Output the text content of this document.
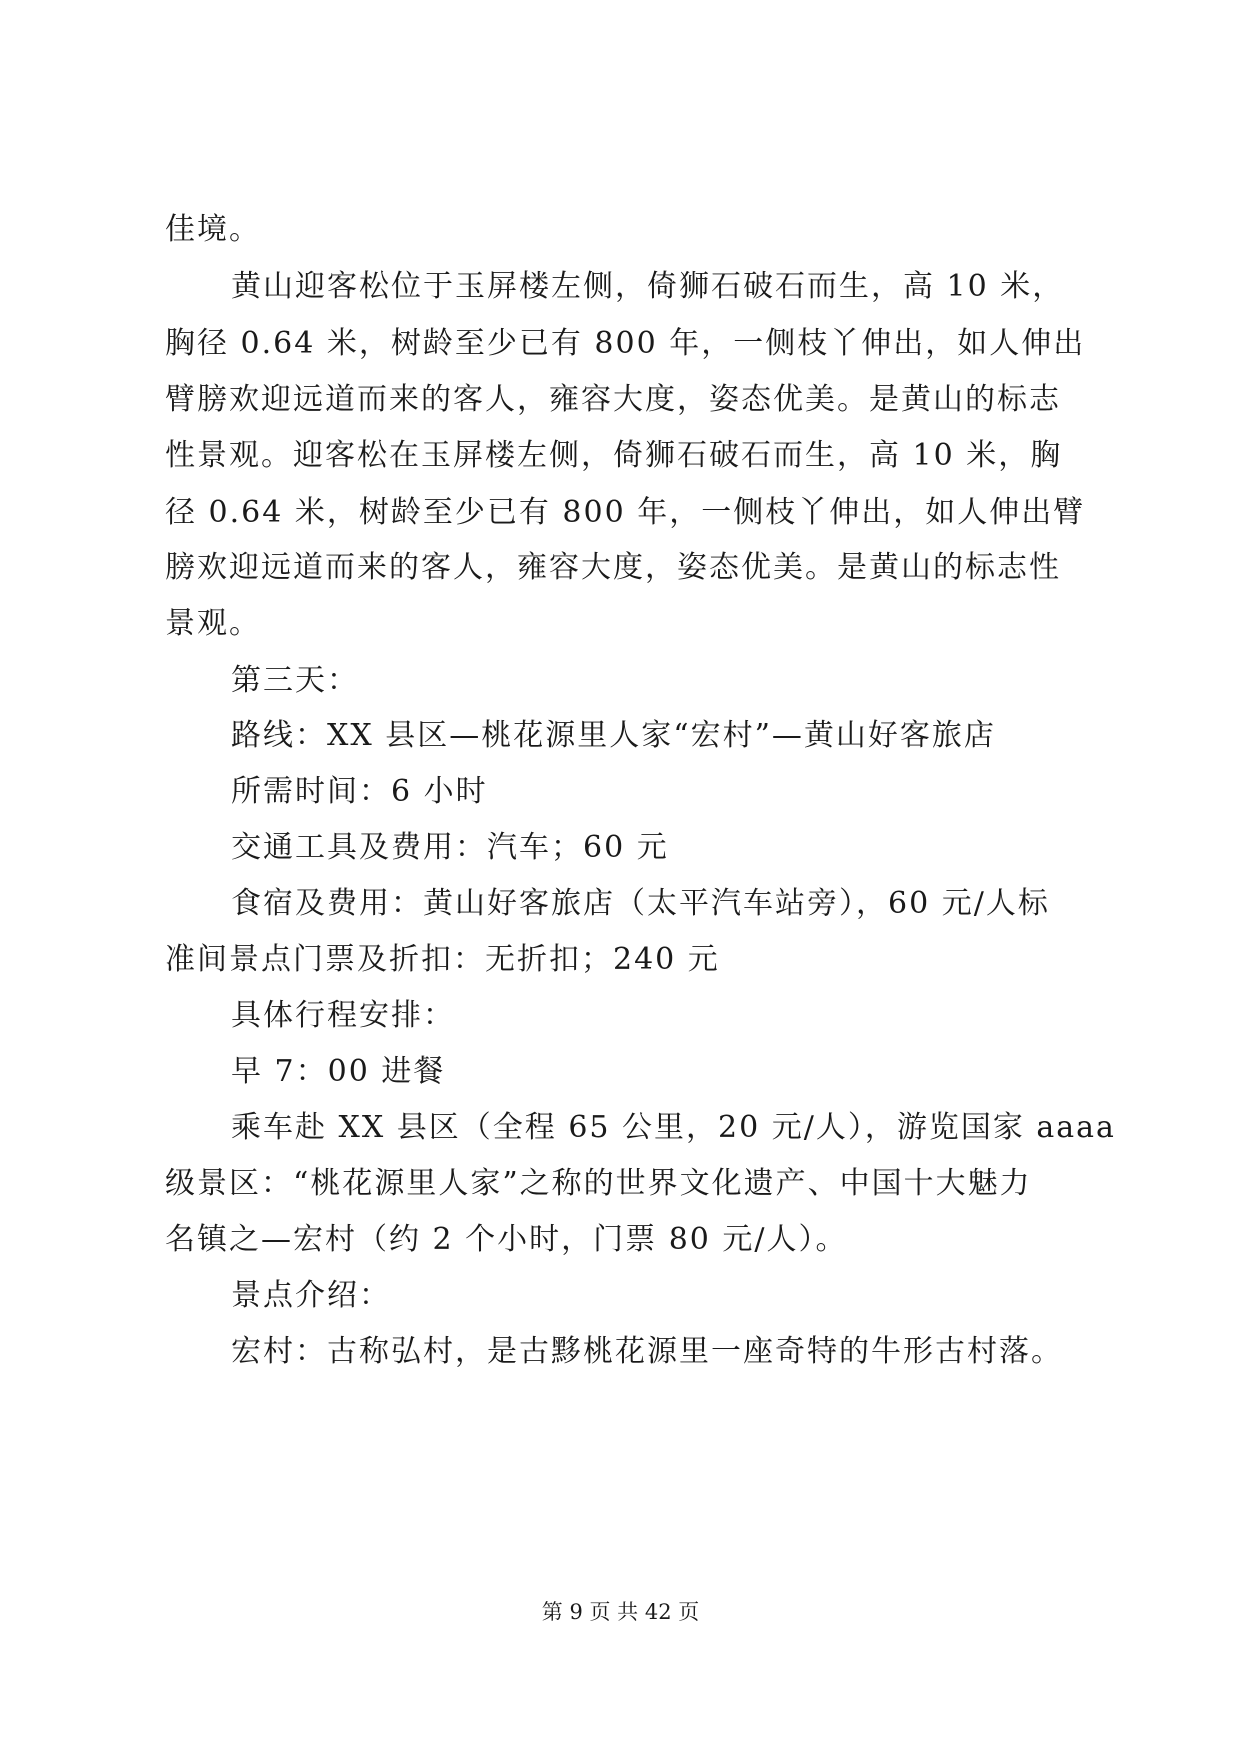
佳境。
黄山迎客松位于玉屏楼左侧，倚狮石破石而生，高 10 米，
胸径 0.64 米，树龄至少已有 800 年，一侧枝丫伸出，如人伸出
臂膀欢迎远道而来的客人，雍容大度，姿态优美。是黄山的标志
性景观。迎客松在玉屏楼左侧，倚狮石破石而生，高 10 米，胸
径 0.64 米，树龄至少已有 800 年，一侧枝丫伸出，如人伸出臂
膀欢迎远道而来的客人，雍容大度，姿态优美。是黄山的标志性
景观。
第三天：
路线：XX 县区—桃花源里人家“宏村”—黄山好客旅店
所需时间：6 小时
交通工具及费用：汽车；60 元
食宿及费用：黄山好客旅店（太平汽车站旁），60 元/人标
准间景点门票及折扣：无折扣；240 元
具体行程安排：
早 7：00 进餐
乘车赴 XX 县区（全程 65 公里，20 元/人），游览国家 aaaa
级景区：“桃花源里人家”之称的世界文化遗产、中国十大魅力
名镇之—宏村（约 2 个小时，门票 80 元/人）。
景点介绍：
宏村：古称弘村，是古黟桃花源里一座奇特的牛形古村落。
第 9 页 共 42 页
